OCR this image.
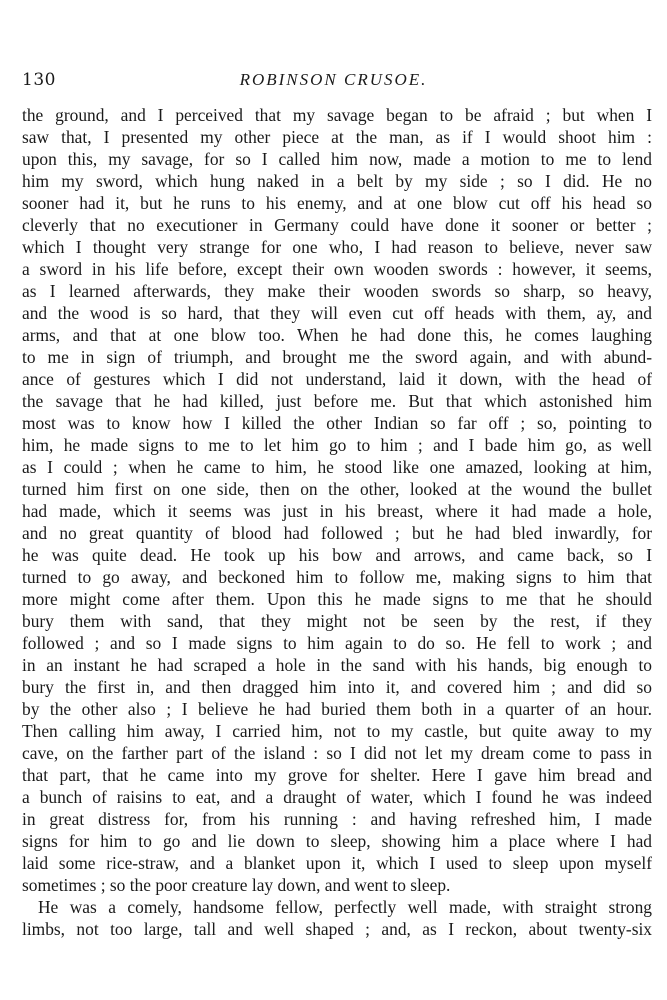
130	ROBINSON CRUSOE.
the ground, and I perceived that my savage began to be afraid ; but when I
saw that, I presented my other piece at the man, as if I would shoot him :
upon this, my savage, for so I called him now, made a motion to me to lend
him my sword, which hung naked in a belt by my side ; so I did. He no
sooner had it, but he runs to his enemy, and at one blow cut off his head so
cleverly that no executioner in Germany could have done it sooner or better ;
which I thought very strange for one who, I had reason to believe, never saw
a sword in his life before, except their own wooden swords : however, it seems,
as I learned afterwards, they make their wooden swords so sharp, so heavy,
and the wood is so hard, that they will even cut off heads with them, ay, and
arms, and that at one blow too. When he had done this, he comes laughing
to me in sign of triumph, and brought me the sword again, and with abund-
ance of gestures which I did not understand, laid it down, with the head of
the savage that he had killed, just before me. But that which astonished him
most was to know how I killed the other Indian so far off ; so, pointing to
him, he made signs to me to let him go to him ; and I bade him go, as well
as I could ; when he came to him, he stood like one amazed, looking at him,
turned him first on one side, then on the other, looked at the wound the bullet
had made, which it seems was just in his breast, where it had made a hole,
and no great quantity of blood had followed ; but he had bled inwardly, for
he was quite dead. He took up his bow and arrows, and came back, so I
turned to go away, and beckoned him to follow me, making signs to him that
more might come after them. Upon this he made signs to me that he should
bury them with sand, that they might not be seen by the rest, if they
followed ; and so I made signs to him again to do so. He fell to work ; and
in an instant he had scraped a hole in the sand with his hands, big enough to
bury the first in, and then dragged him into it, and covered him ; and did so
by the other also ; I believe he had buried them both in a quarter of an hour.
Then calling him away, I carried him, not to my castle, but quite away to my
cave, on the farther part of the island : so I did not let my dream come to pass in
that part, that he came into my grove for shelter. Here I gave him bread and
a bunch of raisins to eat, and a draught of water, which I found he was indeed
in great distress for, from his running : and having refreshed him, I made
signs for him to go and lie down to sleep, showing him a place where I had
laid some rice-straw, and a blanket upon it, which I used to sleep upon myself
sometimes ; so the poor creature lay down, and went to sleep.
He was a comely, handsome fellow, perfectly well made, with straight strong
limbs, not too large, tall and well shaped ; and, as I reckon, about twenty-six
